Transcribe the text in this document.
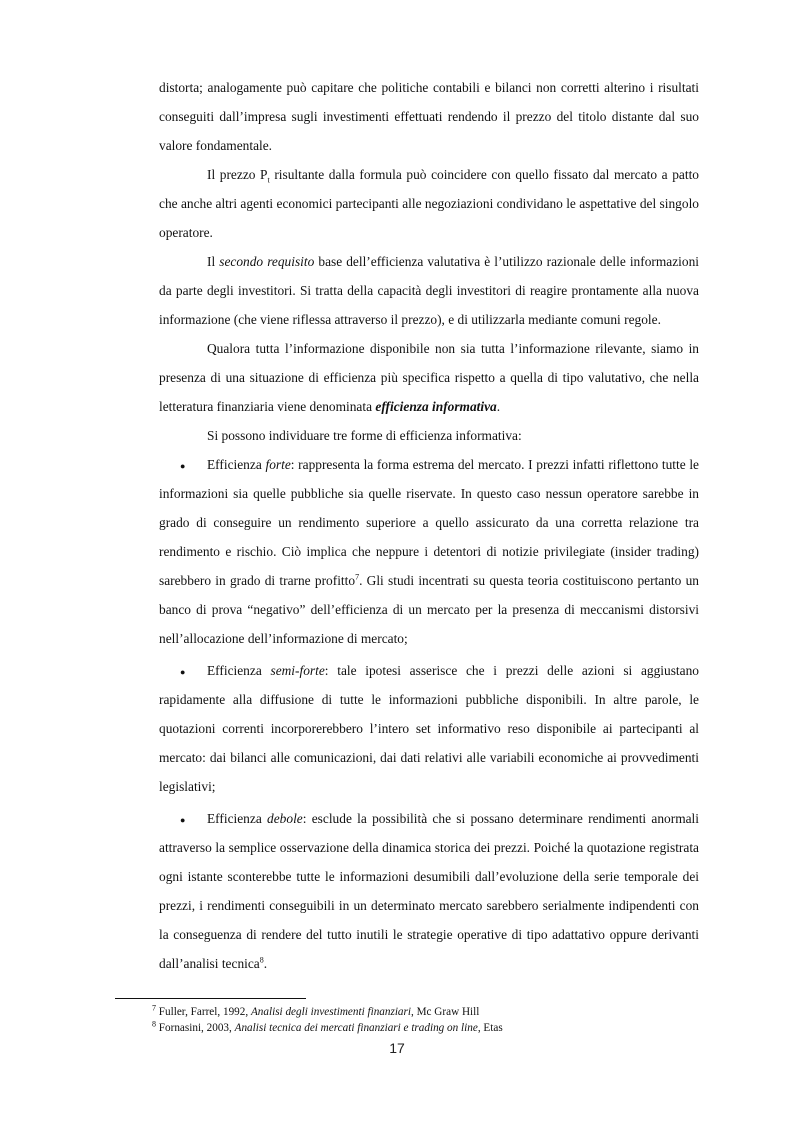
distorta; analogamente può capitare che politiche contabili e bilanci non corretti alterino i risultati conseguiti dall’impresa sugli investimenti effettuati rendendo il prezzo del titolo distante dal suo valore fondamentale.

Il prezzo $P_t$ risultante dalla formula può coincidere con quello fissato dal mercato a patto che anche altri agenti economici partecipanti alle negoziazioni condividano le aspettative del singolo operatore.

Il secondo requisito base dell’efficienza valutativa è l’utilizzo razionale delle informazioni da parte degli investitori. Si tratta della capacità degli investitori di reagire prontamente alla nuova informazione (che viene riflessa attraverso il prezzo), e di utilizzarla mediante comuni regole.

Qualora tutta l’informazione disponibile non sia tutta l’informazione rilevante, siamo in presenza di una situazione di efficienza più specifica rispetto a quella di tipo valutativo, che nella letteratura finanziaria viene denominata efficienza informativa.

Si possono individuare tre forme di efficienza informativa:

●

Efficienza forte: rappresenta la forma estrema del mercato. I prezzi infatti riflettono tutte le informazioni sia quelle pubbliche sia quelle riservate. In questo caso nessun operatore sarebbe in grado di conseguire un rendimento superiore a quello assicurato da una corretta relazione tra rendimento e rischio. Ciò implica che neppure i detentori di notizie privilegiate (insider trading) sarebbero in grado di trarne profitto$^7$. Gli studi incentrati su questa teoria costituiscono pertanto un banco di prova “negativo” dell’efficienza di un mercato per la presenza di meccanismi distorsivi nell’allocazione dell’informazione di mercato;

●

Efficienza semi-forte: tale ipotesi asserisce che i prezzi delle azioni si aggiustano rapidamente alla diffusione di tutte le informazioni pubbliche disponibili. In altre parole, le quotazioni correnti incorporerebbero l’intero set informativo reso disponibile ai partecipanti al mercato: dai bilanci alle comunicazioni, dai dati relativi alle variabili economiche ai provvedimenti legislativi;

●

Efficienza debole: esclude la possibilità che si possano determinare rendimenti anormali attraverso la semplice osservazione della dinamica storica dei prezzi. Poiché la quotazione registrata ogni istante sconterebbe tutte le informazioni desumibili dall’evoluzione della serie temporale dei prezzi, i rendimenti conseguibili in un determinato mercato sarebbero serialmente indipendenti con la conseguenza di rendere del tutto inutili le strategie operative di tipo adattativo oppure derivanti dall’analisi tecnica$^8$.

$^7$ Fuller, Farrel, 1992, Analisi degli investimenti finanziari, Mc Graw Hill

$^8$ Fornasini, 2003, Analisi tecnica dei mercati finanziari e trading on line, Etas

17
